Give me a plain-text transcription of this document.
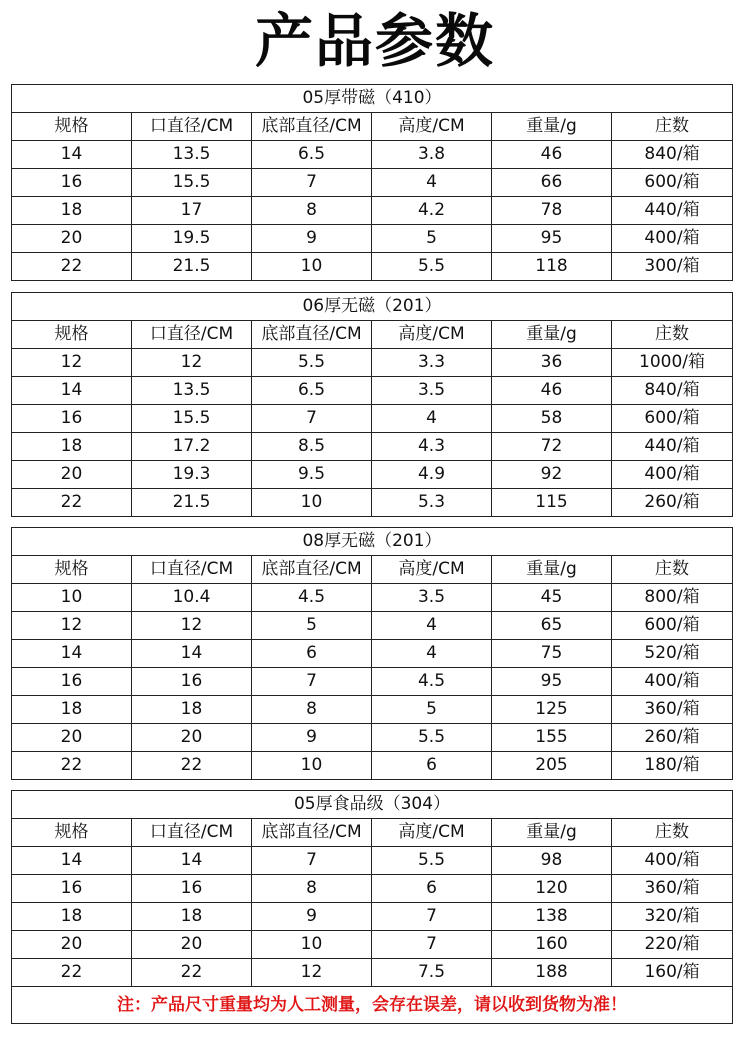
产品参数
05厚带磁（410）					
规格	口直径/CM	底部直径/CM	高度/CM	重量/g	庄数
14	13.5	6.5	3.8	46	840/箱
16	15.5	7	4	66	600/箱
18	17	8	4.2	78	440/箱
20	19.5	9	5	95	400/箱
22	21.5	10	5.5	118	300/箱
06厚无磁（201）					
规格	口直径/CM	底部直径/CM	高度/CM	重量/g	庄数
12	12	5.5	3.3	36	1000/箱
14	13.5	6.5	3.5	46	840/箱
16	15.5	7	4	58	600/箱
18	17.2	8.5	4.3	72	440/箱
20	19.3	9.5	4.9	92	400/箱
22	21.5	10	5.3	115	260/箱
08厚无磁（201）					
规格	口直径/CM	底部直径/CM	高度/CM	重量/g	庄数
10	10.4	4.5	3.5	45	800/箱
12	12	5	4	65	600/箱
14	14	6	4	75	520/箱
16	16	7	4.5	95	400/箱
18	18	8	5	125	360/箱
20	20	9	5.5	155	260/箱
22	22	10	6	205	180/箱
05厚食品级（304）					
规格	口直径/CM	底部直径/CM	高度/CM	重量/g	庄数
14	14	7	5.5	98	400/箱
16	16	8	6	120	360/箱
18	18	9	7	138	320/箱
20	20	10	7	160	220/箱
22	22	12	7.5	188	160/箱
注：产品尺寸重量均为人工测量，会存在误差，请以收到货物为准！					
